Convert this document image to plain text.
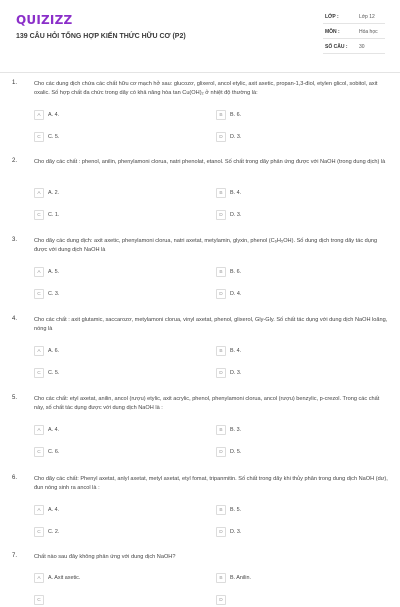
QUIZIZZ
139 CÂU HỎI TỔNG HỢP KIẾN THỨC HỮU CƠ (P2)
LỚP :	Lớp 12
MÔN :	Hóa học
SỐ CÂU : 30
1.	Cho các dung dịch chứa các chất hữu cơ mạch hở sau: glucozơ, glixerol, ancol etylic, axit axetic, propan-1,3-điol, etylen glicol, sobitol, axit oxalic. Số hợp chất đa chức trong dãy có khả năng hòa tan Cu(OH)₂ ở nhiệt độ thường là:
A	A. 4.	B	B. 6.
C	C. 5.	D	D. 3.
2.	Cho dãy các chất : phenol, anilin, phenylamoni clorua, natri phenolat, etanol. Số chất trong dãy phản ứng được với NaOH (trong dung dịch) là
A	A. 2.	B	B. 4.
C	C. 1.	D	D. 3.
3.	Cho dãy các dung dịch: axit axetic, phenylamoni clorua, natri axetat, metylamin, glyxin, phenol (C₆H₅OH). Số dung dịch trong dãy tác dụng được với dung dịch NaOH là
A	A. 5.	B	B. 6.
C	C. 3.	D	D. 4.
4.	Cho các chất : axit glutamic, saccarozơ, metylamoni clorua, vinyl axetat, phenol, glixerol, Gly-Gly. Số chất tác dụng với dung dịch NaOH loãng, nóng là
A	A. 6.	B	B. 4.
C	C. 5.	D	D. 3.
5.	Cho các chất: etyl axetat, anilin, ancol (rượu) etylic, axit acrylic, phenol, phenylamoni clorua, ancol (rượu) benzylic, p-crezol. Trong các chất này, số chất tác dụng được với dung dịch NaOH là :
A	A. 4.	B	B. 3.
C	C. 6.	D	D. 5.
6.	Cho dãy các chất: Phenyl axetat, anlyl axetat, metyl axetat, etyl fomat, tripanmitin. Số chất trong dãy khi thủy phân trong dung dịch NaOH (dư), đun nóng sinh ra ancol là :
A	A. 4.	B	B. 5.
C	C. 2.	D	D. 3.
7.	Chất nào sau đây không phản ứng với dung dịch NaOH?
A	A. Axit axetic.	B	B. Anilin.
C	D
